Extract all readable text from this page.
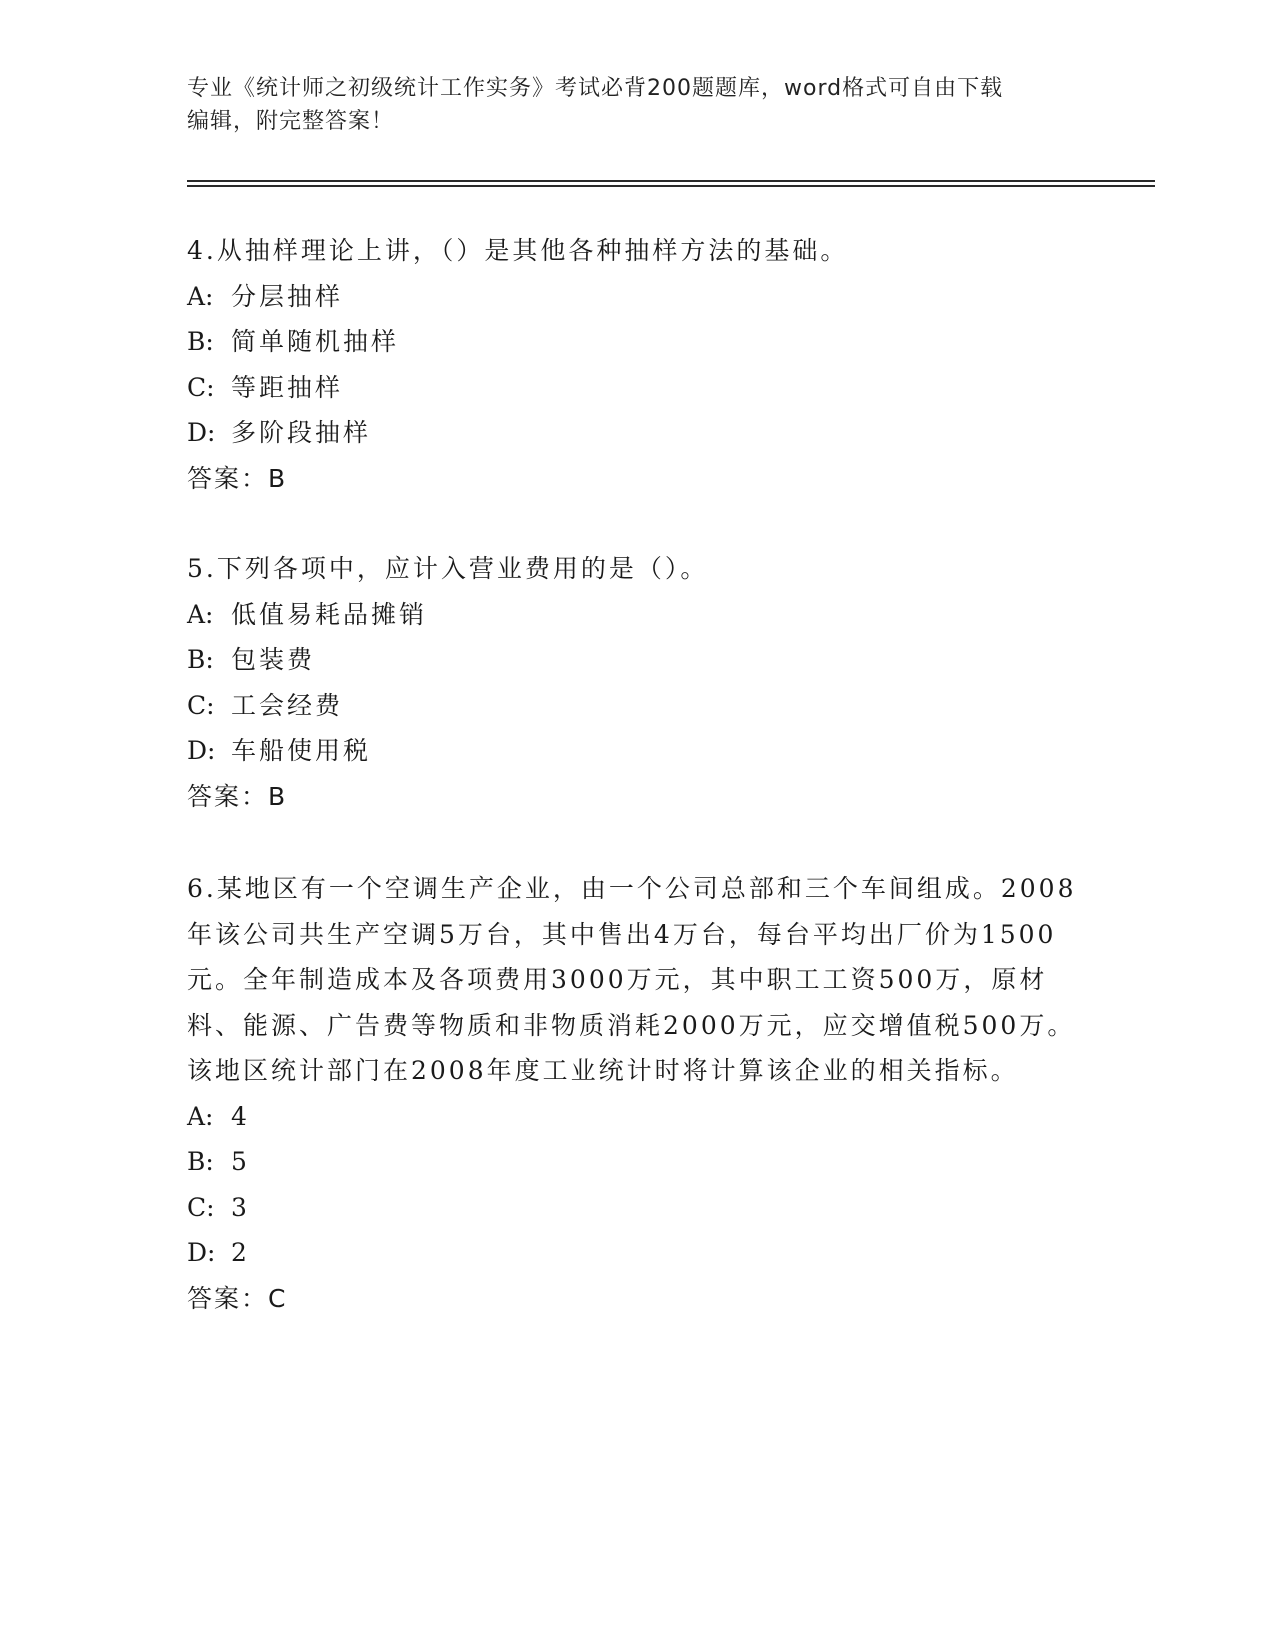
专业《统计师之初级统计工作实务》考试必背200题题库，word格式可自由下载
编辑，附完整答案！

4.从抽样理论上讲，（）是其他各种抽样方法的基础。

A: 分层抽样
B: 简单随机抽样
C: 等距抽样
D: 多阶段抽样
答案：B

5.下列各项中，应计入营业费用的是（）。

A: 低值易耗品摊销
B: 包装费
C: 工会经费
D: 车船使用税
答案：B

6.某地区有一个空调生产企业，由一个公司总部和三个车间组成。2008年该公司共生产空调5万台，其中售出4万台，每台平均出厂价为1500元。全年制造成本及各项费用3000万元，其中职工工资500万，原材料、能源、广告费等物质和非物质消耗2000万元，应交增值税500万。该地区统计部门在2008年度工业统计时将计算该企业的相关指标。

A: 4
B: 5
C: 3
D: 2
答案：C
